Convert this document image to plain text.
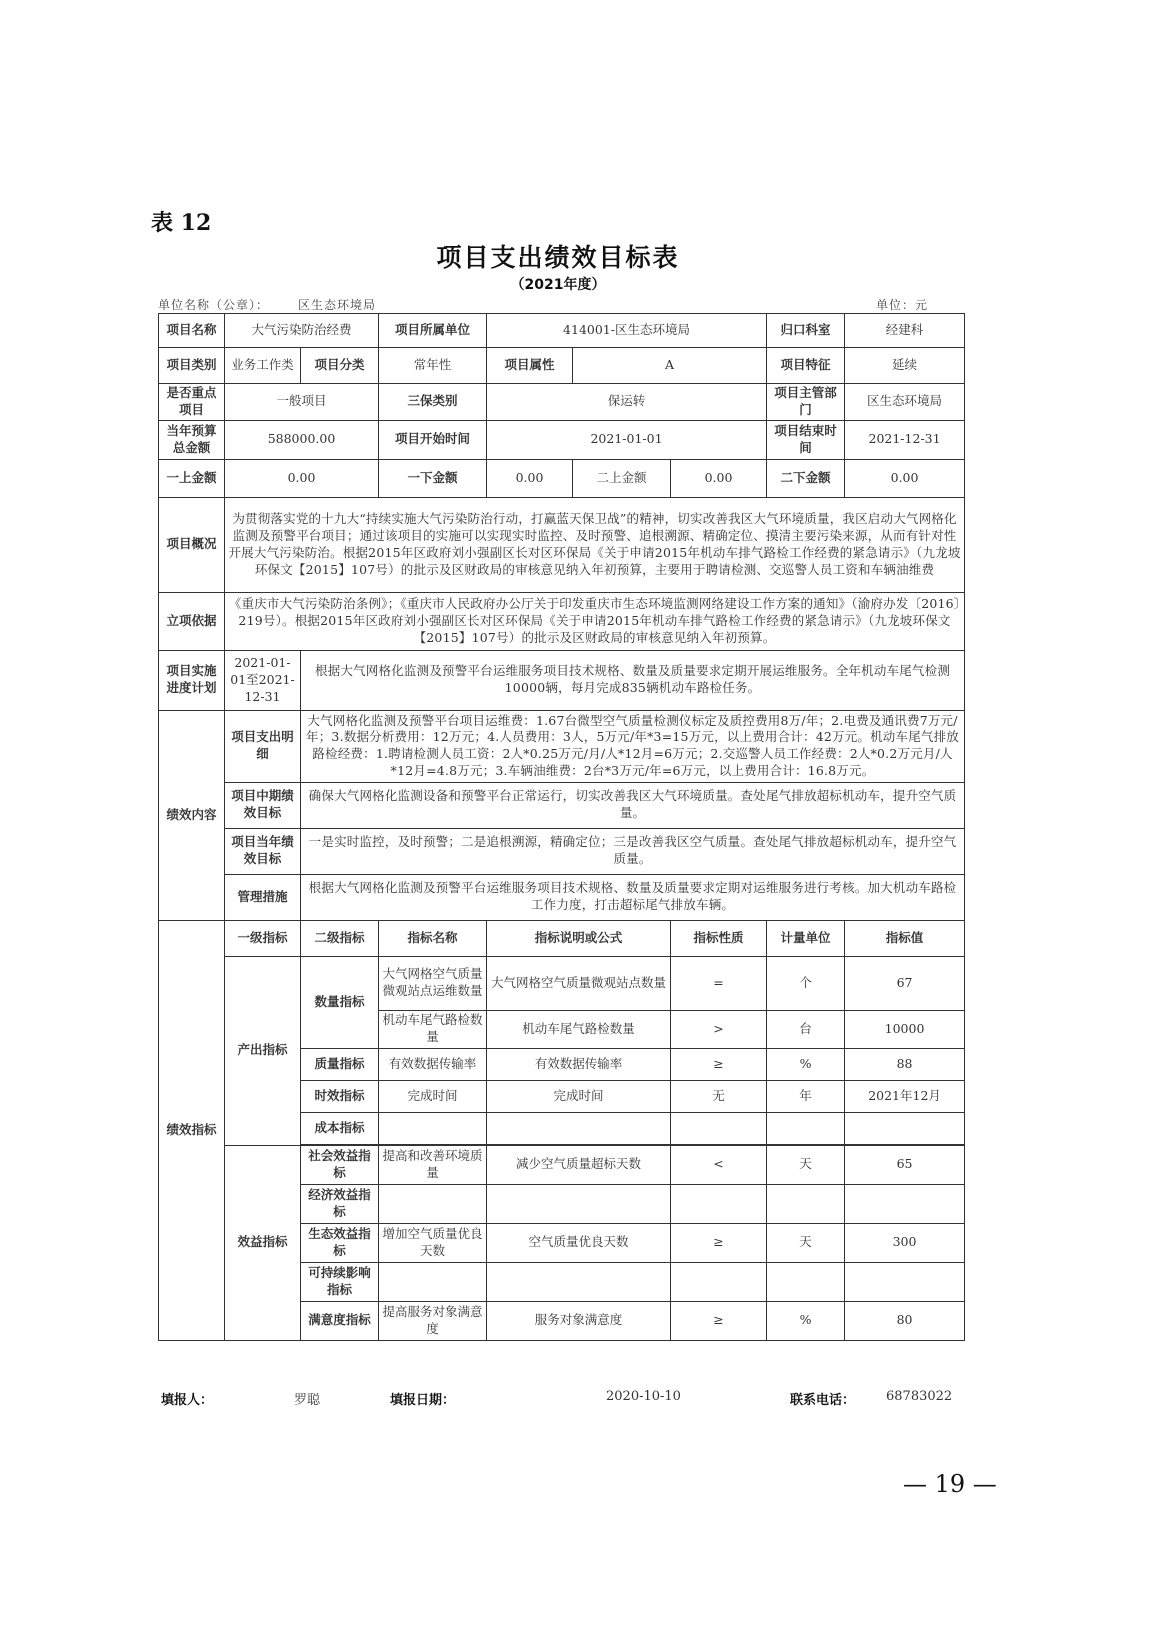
表 12
项目支出绩效目标表
（2021年度）
单位名称（公章）： 区生态环境局	单位：元
项目名称	大气污染防治经费		项目所属单位	414001-区生态环境局			归口科室	经建科
项目类别	业务工作类	项目分类	常年性	项目属性	A		项目特征	延续
是否重点项目	一般项目		三保类别	保运转			项目主管部门	区生态环境局
当年预算总金额	588000.00		项目开始时间	2021-01-01			项目结束时间	2021-12-31
一上金额	0.00		一下金额	0.00	二上金额	0.00	二下金额	0.00
项目概况	为贯彻落实党的十九大“持续实施大气污染防治行动，打赢蓝天保卫战”的精神，切实改善我区大气环境质量，我区启动大气网格化监测及预警平台项目；通过该项目的实施可以实现实时监控、及时预警、追根溯源、精确定位、摸清主要污染来源，从而有针对性开展大气污染防治。根据2015年区政府刘小强副区长对区环保局《关于申请2015年机动车排气路检工作经费的紧急请示》（九龙坡环保文【2015】107号）的批示及区财政局的审核意见纳入年初预算，主要用于聘请检测、交巡警人员工资和车辆油维费							
立项依据	《重庆市大气污染防治条例》；《重庆市人民政府办公厅关于印发重庆市生态环境监测网络建设工作方案的通知》（渝府办发〔2016〕219号）。根据2015年区政府刘小强副区长对区环保局《关于申请2015年机动车排气路检工作经费的紧急请示》（九龙坡环保文【2015】107号）的批示及区财政局的审核意见纳入年初预算。							
项目实施进度计划	2021-01-01至2021-12-31	根据大气网格化监测及预警平台运维服务项目技术规格、数量及质量要求定期开展运维服务。全年机动车尾气检测10000辆，每月完成835辆机动车路检任务。						
绩效内容	项目支出明细	大气网格化监测及预警平台项目运维费：1.67台微型空气质量检测仪标定及质控费用8万/年；2.电费及通讯费7万元/年；3.数据分析费用：12万元；4.人员费用：3人，5万元/年*3=15万元，以上费用合计：42万元。机动车尾气排放路检经费：1.聘请检测人员工资：2人*0.25万元/月/人*12月=6万元；2.交巡警人员工作经费：2人*0.2万元月/人*12月=4.8万元；3.车辆油维费：2台*3万元/年=6万元，以上费用合计：16.8万元。						
	项目中期绩效目标	确保大气网格化监测设备和预警平台正常运行，切实改善我区大气环境质量。查处尾气排放超标机动车，提升空气质量。						
	项目当年绩效目标	一是实时监控，及时预警；二是追根溯源，精确定位；三是改善我区空气质量。查处尾气排放超标机动车，提升空气质量。						
	管理措施	根据大气网格化监测及预警平台运维服务项目技术规格、数量及质量要求定期对运维服务进行考核。加大机动车路检工作力度，打击超标尾气排放车辆。						
绩效指标	一级指标	二级指标	指标名称	指标说明或公式		指标性质	计量单位	指标值
	产出指标	数量指标	大气网格空气质量微观站点运维数量	大气网格空气质量微观站点数量		=	个	67
			机动车尾气路检数量	机动车尾气路检数量		>	台	10000
		质量指标	有效数据传输率	有效数据传输率		≥	%	88
		时效指标	完成时间	完成时间		无	年	2021年12月
		成本指标						

	效益指标	社会效益指标	提高和改善环境质量	减少空气质量超标天数		<	天	65
		经济效益指标						
		生态效益指标	增加空气质量优良天数	空气质量优良天数		≥	天	300
		可持续影响指标						
		满意度指标	提高服务对象满意度	服务对象满意度		≥	%	80
填报人：	罗聪	填报日期：	2020-10-10	联系电话： 68783022
— 19 —
